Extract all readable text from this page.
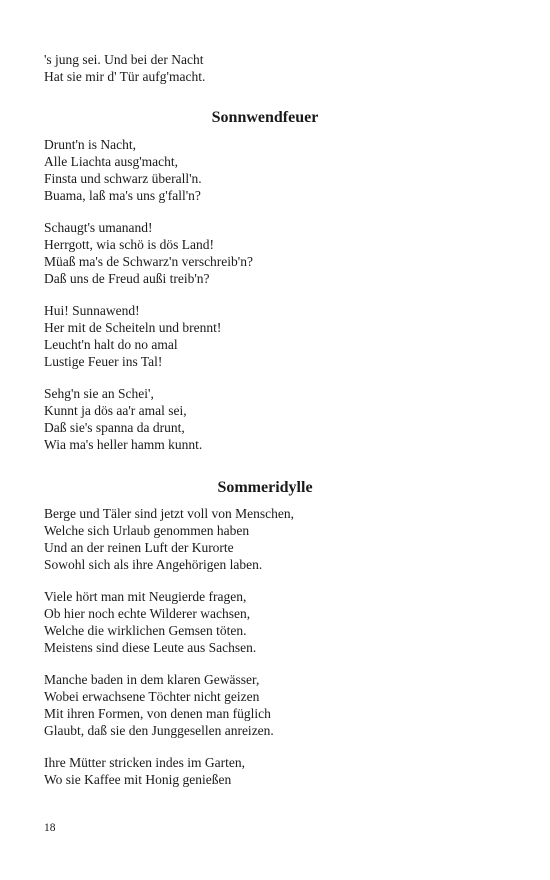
's jung sei. Und bei der Nacht
Hat sie mir d' Tür aufg'macht.
Sonnwendfeuer
Drunt'n is Nacht,
Alle Liachta ausg'macht,
Finsta und schwarz überall'n.
Buama, laß ma's uns g'fall'n?
Schaugt's umanand!
Herrgott, wia schö is dös Land!
Müaß ma's de Schwarz'n verschreib'n?
Daß uns de Freud außi treib'n?
Hui! Sunnawend!
Her mit de Scheiteln und brennt!
Leucht'n halt do no amal
Lustige Feuer ins Tal!
Sehg'n sie an Schei',
Kunnt ja dös aa'r amal sei,
Daß sie's spanna da drunt,
Wia ma's heller hamm kunnt.
Sommeridylle
Berge und Täler sind jetzt voll von Menschen,
Welche sich Urlaub genommen haben
Und an der reinen Luft der Kurorte
Sowohl sich als ihre Angehörigen laben.
Viele hört man mit Neugierde fragen,
Ob hier noch echte Wilderer wachsen,
Welche die wirklichen Gemsen töten.
Meistens sind diese Leute aus Sachsen.
Manche baden in dem klaren Gewässer,
Wobei erwachsene Töchter nicht geizen
Mit ihren Formen, von denen man füglich
Glaubt, daß sie den Junggesellen anreizen.
Ihre Mütter stricken indes im Garten,
Wo sie Kaffee mit Honig genießen
18
